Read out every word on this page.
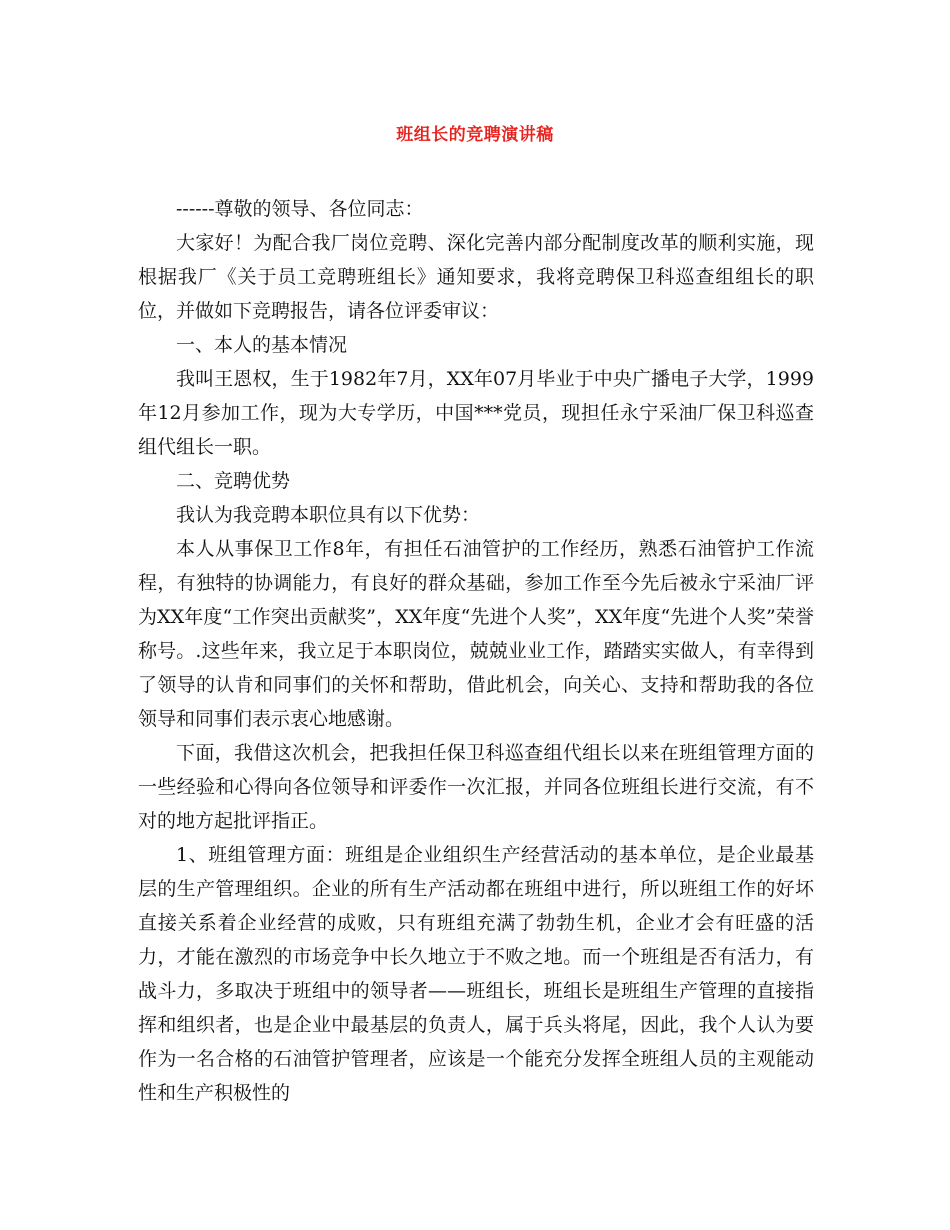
班组长的竞聘演讲稿

------尊敬的领导、各位同志：

大家好！为配合我厂岗位竞聘、深化完善内部分配制度改革的顺利实施，现根据我厂《关于员工竞聘班组长》通知要求，我将竞聘保卫科巡查组组长的职位，并做如下竞聘报告，请各位评委审议：

一、本人的基本情况

我叫王恩权，生于1982年7月，XX年07月毕业于中央广播电子大学，1999年12月参加工作，现为大专学历，中国***党员，现担任永宁采油厂保卫科巡查组代组长一职。

二、竞聘优势

我认为我竞聘本职位具有以下优势：

本人从事保卫工作8年，有担任石油管护的工作经历，熟悉石油管护工作流程，有独特的协调能力，有良好的群众基础，参加工作至今先后被永宁采油厂评为XX年度“工作突出贡献奖”，XX年度“先进个人奖”，XX年度“先进个人奖”荣誉称号。.这些年来，我立足于本职岗位，兢兢业业工作，踏踏实实做人，有幸得到了领导的认肯和同事们的关怀和帮助，借此机会，向关心、支持和帮助我的各位领导和同事们表示衷心地感谢。

下面，我借这次机会，把我担任保卫科巡查组代组长以来在班组管理方面的一些经验和心得向各位领导和评委作一次汇报，并同各位班组长进行交流，有不对的地方起批评指正。

1、班组管理方面：班组是企业组织生产经营活动的基本单位，是企业最基层的生产管理组织。企业的所有生产活动都在班组中进行，所以班组工作的好坏直接关系着企业经营的成败，只有班组充满了勃勃生机，企业才会有旺盛的活力，才能在激烈的市场竞争中长久地立于不败之地。而一个班组是否有活力，有战斗力，多取决于班组中的领导者——班组长，班组长是班组生产管理的直接指挥和组织者，也是企业中最基层的负责人，属于兵头将尾，因此，我个人认为要作为一名合格的石油管护管理者，应该是一个能充分发挥全班组人员的主观能动性和生产积极性的
